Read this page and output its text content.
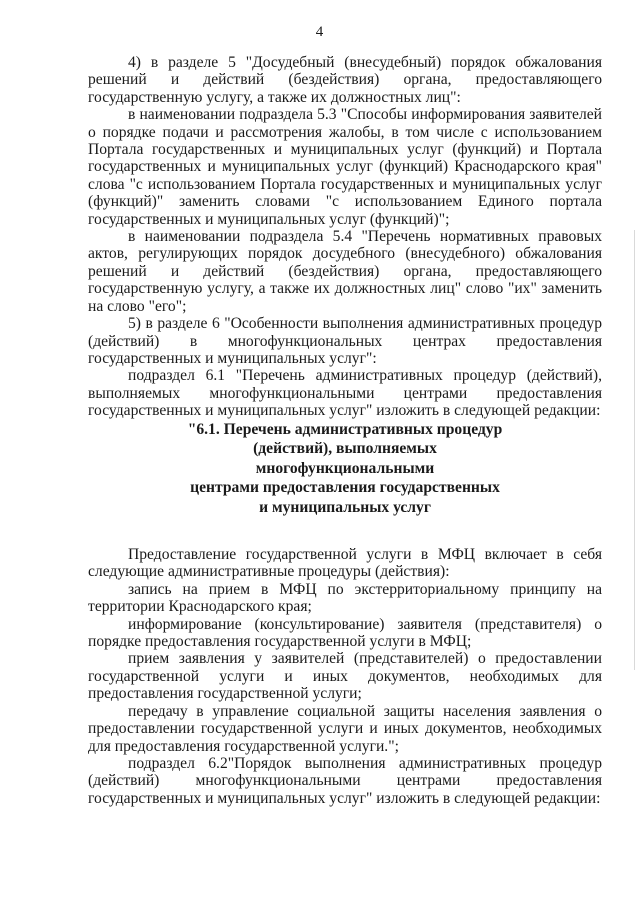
4

4) в разделе 5 "Досудебный (внесудебный) порядок обжалования решений и действий (бездействия) органа, предоставляющего государственную услугу, а также их должностных лиц":

в наименовании подраздела 5.3 "Способы информирования заявителей о порядке подачи и рассмотрения жалобы, в том числе с использованием Портала государственных и муниципальных услуг (функций) и Портала государственных и муниципальных услуг (функций) Краснодарского края" слова "с использованием Портала государственных и муниципальных услуг (функций)" заменить словами "с использованием Единого портала государственных и муниципальных услуг (функций)";

в наименовании подраздела 5.4 "Перечень нормативных правовых актов, регулирующих порядок досудебного (внесудебного) обжалования решений и действий (бездействия) органа, предоставляющего государственную услугу, а также их должностных лиц" слово "их" заменить на слово "его";

5) в разделе 6 "Особенности выполнения административных процедур (действий) в многофункциональных центрах предоставления государственных и муниципальных услуг":

подраздел 6.1 "Перечень административных процедур (действий), выполняемых многофункциональными центрами предоставления государственных и муниципальных услуг" изложить в следующей редакции:

"6.1. Перечень административных процедур
(действий), выполняемых
многофункциональными
центрами предоставления государственных
и муниципальных услуг

Предоставление государственной услуги в МФЦ включает в себя следующие административные процедуры (действия):

запись на прием в МФЦ по экстерриториальному принципу на территории Краснодарского края;

информирование (консультирование) заявителя (представителя) о порядке предоставления государственной услуги в МФЦ;

прием заявления у заявителей (представителей) о предоставлении государственной услуги и иных документов, необходимых для предоставления государственной услуги;

передачу в управление социальной защиты населения заявления о предоставлении государственной услуги и иных документов, необходимых для предоставления государственной услуги.";

подраздел 6.2"Порядок выполнения административных процедур (действий) многофункциональными центрами предоставления государственных и муниципальных услуг" изложить в следующей редакции:
